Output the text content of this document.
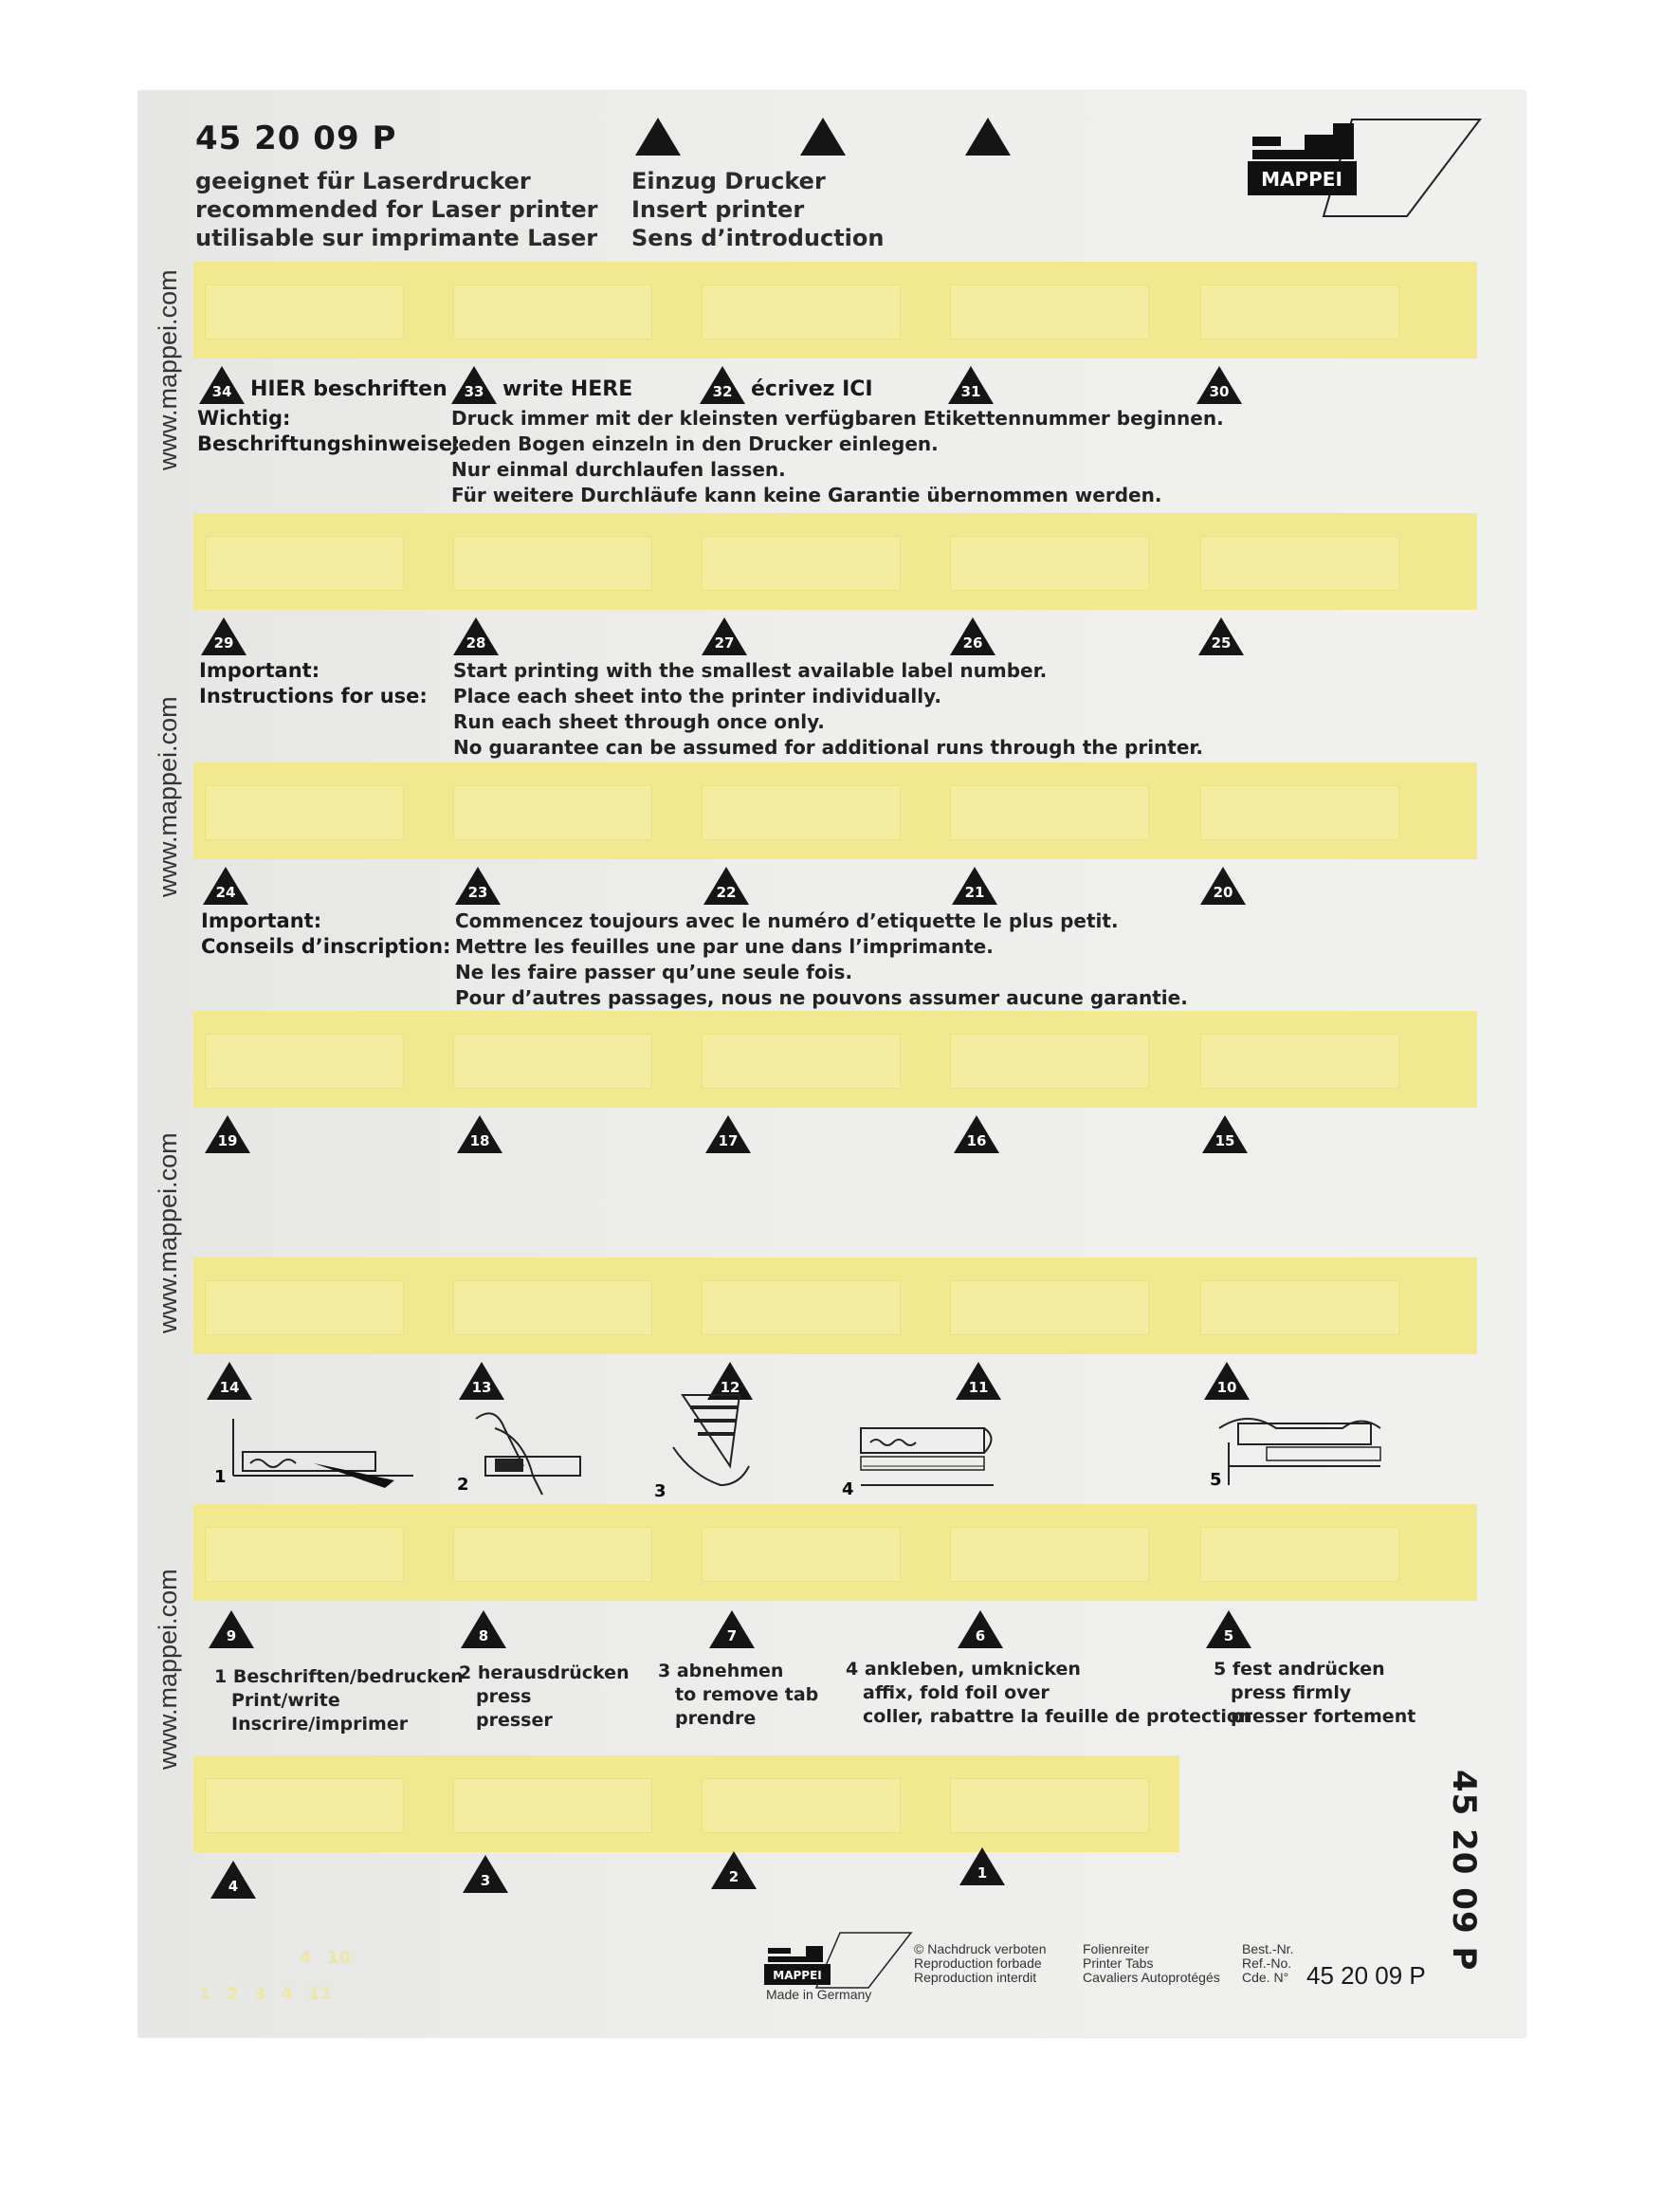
45 20 09 P
geeignet für Laserdrucker
recommended for Laser printer
utilisable sur imprimante Laser
Einzug Drucker
Insert printer
Sens d’introduction
MAPPEI
www.mappei.com
www.mappei.com
www.mappei.com
www.mappei.com
34	33	32	31	30
HIER beschriften	write HERE	écrivez ICI
Wichtig:
Beschriftungshinweise:
Druck immer mit der kleinsten verfügbaren Etikettennummer beginnen.
Jeden Bogen einzeln in den Drucker einlegen.
Nur einmal durchlaufen lassen.
Für weitere Durchläufe kann keine Garantie übernommen werden.
29	28	27	26	25
Important:
Instructions for use:
Start printing with the smallest available label number.
Place each sheet into the printer individually.
Run each sheet through once only.
No guarantee can be assumed for additional runs through the printer.
24	23	22	21	20
Important:
Conseils d’inscription:
Commencez toujours avec le numéro d’etiquette le plus petit.
Mettre les feuilles une par une dans l’imprimante.
Ne les faire passer qu’une seule fois.
Pour d’autres passages, nous ne pouvons assumer aucune garantie.
19	18	17	16	15
14	13	12	11	10
1	2	3	4	5
9	8	7	6	5
1 Beschriften/bedrucken
Print/write
Inscrire/imprimer
2 herausdrücken
press
presser
3 abnehmen
to remove tab
prendre
4 ankleben, umknicken
affix, fold foil over
coller, rabattre la feuille de protection
5 fest andrücken
press firmly
presser fortement
45 20 09 P
4	3	2	1
MAPPEI
Made in Germany
© Nachdruck verboten
Reproduction forbade
Reproduction interdit
Folienreiter
Printer Tabs
Cavaliers Autoprotégés
Best.-Nr.
Ref.-No.
Cde. N° 45 20 09 P
4 10
1 2 3 4 11
